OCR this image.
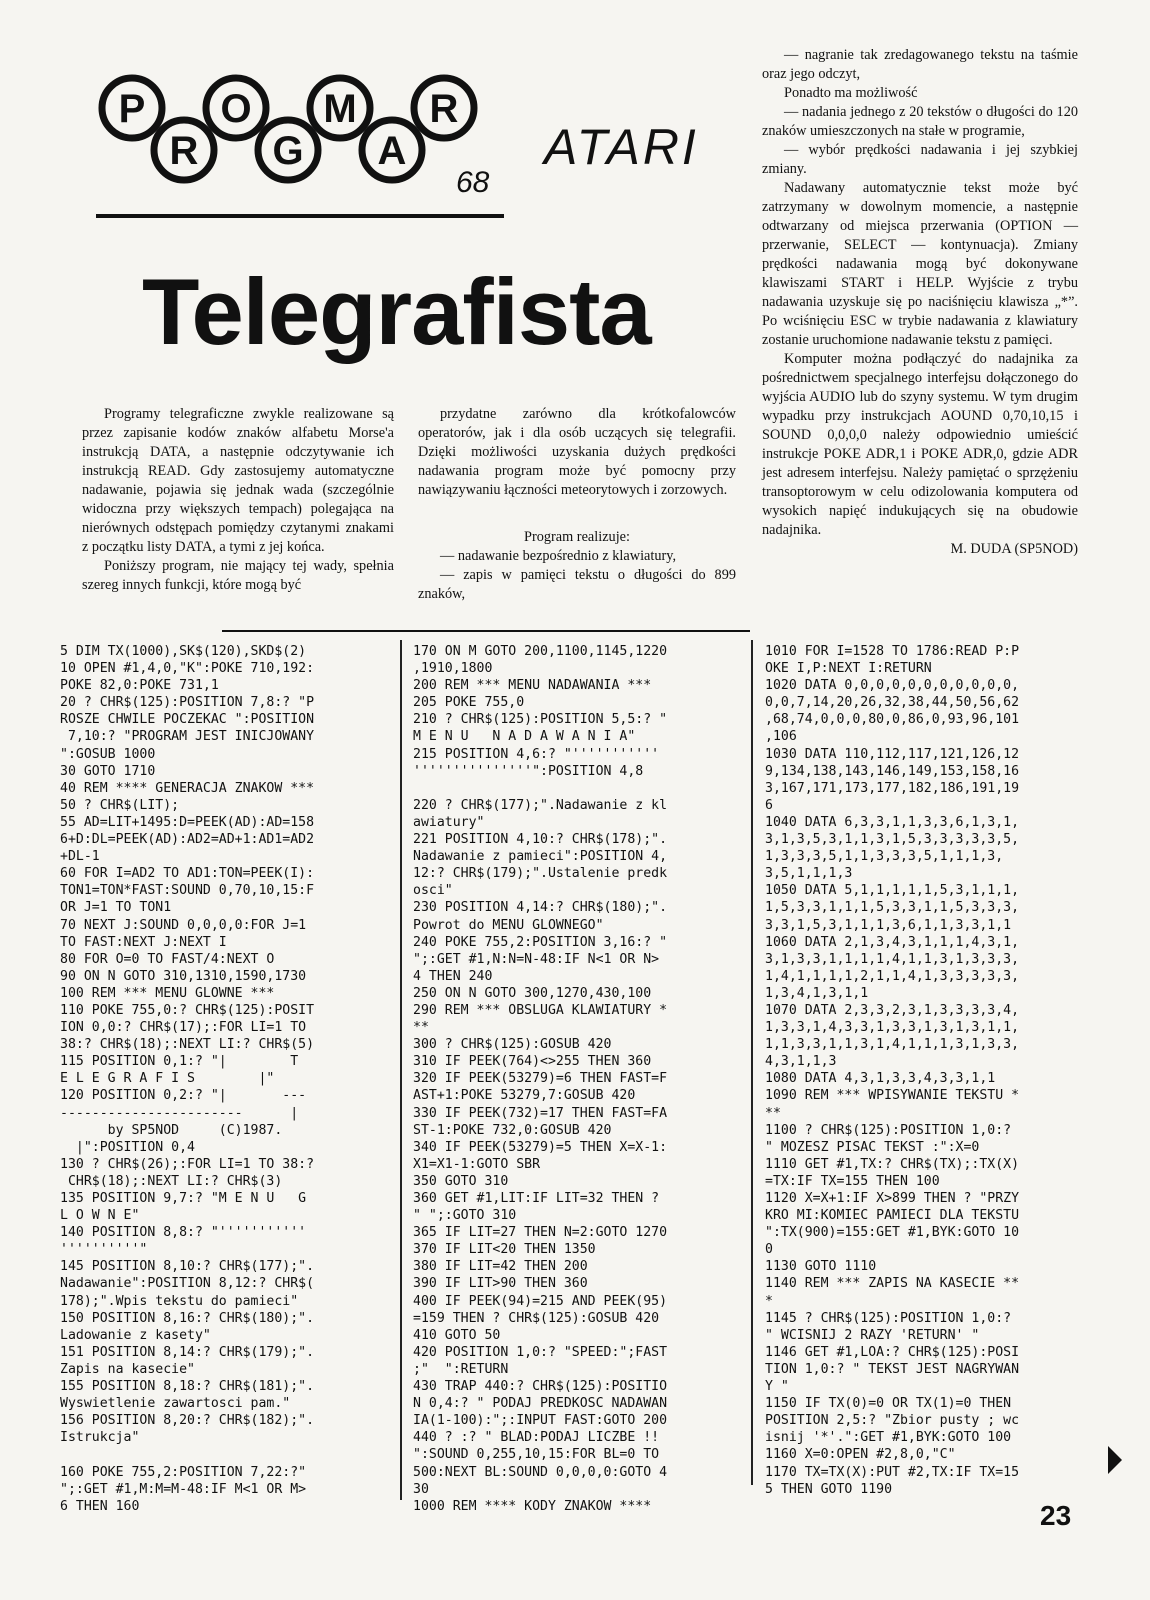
P O M R
R G A	ATARI
68
Telegrafista

Programy telegraficzne zwykle realizowane są przez zapisanie kodów znaków alfabetu Morse'a instrukcją DATA, a następnie odczytywanie ich instrukcją READ. Gdy zastosujemy automatyczne nadawanie, pojawia się jednak wada (szczególnie widoczna przy większych tempach) polegająca na nierównych odstępach pomiędzy czytanymi znakami z początku listy DATA, a tymi z jej końca.

Poniższy program, nie mający tej wady, spełnia szereg innych funkcji, które mogą być

przydatne zarówno dla krótkofalowców operatorów, jak i dla osób uczących się telegrafii. Dzięki możliwości uzyskania dużych prędkości nadawania program może być pomocny przy nawiązywaniu łączności meteorytowych i zorzowych.

Program realizuje:

— nadawanie bezpośrednio z klawiatury,

— zapis w pamięci tekstu o długości do 899 znaków,

— nagranie tak zredagowanego tekstu na taśmie oraz jego odczyt,

Ponadto ma możliwość

— nadania jednego z 20 tekstów o długości do 120 znaków umieszczonych na stałe w programie,

— wybór prędkości nadawania i jej szybkiej zmiany.

Nadawany automatycznie tekst może być zatrzymany w dowolnym momencie, a następnie odtwarzany od miejsca przerwania (OPTION — przerwanie, SELECT — kontynuacja). Zmiany prędkości nadawania mogą być dokonywane klawiszami START i HELP. Wyjście z trybu nadawania uzyskuje się po naciśnięciu klawisza „*”. Po wciśnięciu ESC w trybie nadawania z klawiatury zostanie uruchomione nadawanie tekstu z pamięci.

Komputer można podłączyć do nadajnika za pośrednictwem specjalnego interfejsu dołączonego do wyjścia AUDIO lub do szyny systemu. W tym drugim wypadku przy instrukcjach AOUND 0,70,10,15 i SOUND 0,0,0,0 należy odpowiednio umieścić instrukcje POKE ADR,1 i POKE ADR,0, gdzie ADR jest adresem interfejsu. Należy pamiętać o sprzężeniu transoptorowym w celu odizolowania komputera od wysokich napięć indukujących się na obudowie nadajnika.

M. DUDA (SP5NOD)

5 DIM TX(1000),SK$(120),SKD$(2)
10 OPEN #1,4,0,"K":POKE 710,192:
POKE 82,0:POKE 731,1
20 ? CHR$(125):POSITION 7,8:? "P
ROSZE CHWILE POCZEKAC ":POSITION
7,10:? "PROGRAM JEST INICJOWANY
":GOSUB 1000
30 GOTO 1710
40 REM **** GENERACJA ZNAKOW ***
50 ? CHR$(LIT);
55 AD=LIT+1495:D=PEEK(AD):AD=158
6+D:DL=PEEK(AD):AD2=AD+1:AD1=AD2
+DL-1
60 FOR I=AD2 TO AD1:TON=PEEK(I):
TON1=TON*FAST:SOUND 0,70,10,15:F
OR J=1 TO TON1
70 NEXT J:SOUND 0,0,0,0:FOR J=1
TO FAST:NEXT J:NEXT I
80 FOR O=0 TO FAST/4:NEXT O
90 ON N GOTO 310,1310,1590,1730
100 REM *** MENU GLOWNE ***
110 POKE 755,0:? CHR$(125):POSIT
ION 0,0:? CHR$(17);:FOR LI=1 TO
38:? CHR$(18);:NEXT LI:? CHR$(5)
115 POSITION 0,1:? "|        T
E L E G R A F I S        |"
120 POSITION 0,2:? "|       ---
-----------------------      |
by SP5NOD     (C)1987.
|":POSITION 0,4
130 ? CHR$(26);:FOR LI=1 TO 38:?
CHR$(18);:NEXT LI:? CHR$(3)
135 POSITION 9,7:? "M E N U   G
L O W N E"
140 POSITION 8,8:? "'''''''''''
''''''''''"
145 POSITION 8,10:? CHR$(177);".
Nadawanie":POSITION 8,12:? CHR$(
178);".Wpis tekstu do pamieci"
150 POSITION 8,16:? CHR$(180);".
Ladowanie z kasety"
151 POSITION 8,14:? CHR$(179);".
Zapis na kasecie"
155 POSITION 8,18:? CHR$(181);".
Wyswietlenie zawartosci pam."
156 POSITION 8,20:? CHR$(182);".
Istrukcja"

160 POKE 755,2:POSITION 7,22:?"
";:GET #1,M:M=M-48:IF M<1 OR M>
6 THEN 160
170 ON M GOTO 200,1100,1145,1220
,1910,1800
200 REM *** MENU NADAWANIA ***
205 POKE 755,0
210 ? CHR$(125):POSITION 5,5:? "
M E N U   N A D A W A N I A"
215 POSITION 4,6:? "'''''''''''
'''''''''''''''":POSITION 4,8

220 ? CHR$(177);".Nadawanie z kl
awiatury"
221 POSITION 4,10:? CHR$(178);".
Nadawanie z pamieci":POSITION 4,
12:? CHR$(179);".Ustalenie predk
osci"
230 POSITION 4,14:? CHR$(180);".
Powrot do MENU GLOWNEGO"
240 POKE 755,2:POSITION 3,16:? "
";:GET #1,N:N=N-48:IF N<1 OR N>
4 THEN 240
250 ON N GOTO 300,1270,430,100
290 REM *** OBSLUGA KLAWIATURY *
**
300 ? CHR$(125):GOSUB 420
310 IF PEEK(764)<>255 THEN 360
320 IF PEEK(53279)=6 THEN FAST=F
AST+1:POKE 53279,7:GOSUB 420
330 IF PEEK(732)=17 THEN FAST=FA
ST-1:POKE 732,0:GOSUB 420
340 IF PEEK(53279)=5 THEN X=X-1:
X1=X1-1:GOTO SBR
350 GOTO 310
360 GET #1,LIT:IF LIT=32 THEN ?
" ";:GOTO 310
365 IF LIT=27 THEN N=2:GOTO 1270
370 IF LIT<20 THEN 1350
380 IF LIT=42 THEN 200
390 IF LIT>90 THEN 360
400 IF PEEK(94)=215 AND PEEK(95)
=159 THEN ? CHR$(125):GOSUB 420
410 GOTO 50
420 POSITION 1,0:? "SPEED:";FAST
;"  ":RETURN
430 TRAP 440:? CHR$(125):POSITIO
N 0,4:? " PODAJ PREDKOSC NADAWAN
IA(1-100):";:INPUT FAST:GOTO 200
440 ? :? " BLAD:PODAJ LICZBE !!
":SOUND 0,255,10,15:FOR BL=0 TO
500:NEXT BL:SOUND 0,0,0,0:GOTO 4
30
1000 REM **** KODY ZNAKOW ****
1010 FOR I=1528 TO 1786:READ P:P
OKE I,P:NEXT I:RETURN
1020 DATA 0,0,0,0,0,0,0,0,0,0,0,
0,0,7,14,20,26,32,38,44,50,56,62
,68,74,0,0,0,80,0,86,0,93,96,101
,106
1030 DATA 110,112,117,121,126,12
9,134,138,143,146,149,153,158,16
3,167,171,173,177,182,186,191,19
6
1040 DATA 6,3,3,1,1,3,3,6,1,3,1,
3,1,3,5,3,1,1,3,1,5,3,3,3,3,3,5,
1,3,3,3,5,1,1,3,3,3,5,1,1,1,3,
3,5,1,1,1,3
1050 DATA 5,1,1,1,1,1,5,3,1,1,1,
1,5,3,3,1,1,1,5,3,3,1,1,5,3,3,3,
3,3,1,5,3,1,1,1,3,6,1,1,3,3,1,1
1060 DATA 2,1,3,4,3,1,1,1,4,3,1,
3,1,3,3,1,1,1,1,4,1,1,3,1,3,3,3,
1,4,1,1,1,1,2,1,1,4,1,3,3,3,3,3,
1,3,4,1,3,1,1
1070 DATA 2,3,3,2,3,1,3,3,3,3,4,
1,3,3,1,4,3,3,1,3,3,1,3,1,3,1,1,
1,1,3,3,1,1,3,1,4,1,1,1,3,1,3,3,
4,3,1,1,3
1080 DATA 4,3,1,3,3,4,3,3,1,1
1090 REM *** WPISYWANIE TEKSTU *
**
1100 ? CHR$(125):POSITION 1,0:?
" MOZESZ PISAC TEKST :":X=0
1110 GET #1,TX:? CHR$(TX);:TX(X)
=TX:IF TX=155 THEN 100
1120 X=X+1:IF X>899 THEN ? "PRZY
KRO MI:KOMIEC PAMIECI DLA TEKSTU
":TX(900)=155:GET #1,BYK:GOTO 10
0
1130 GOTO 1110
1140 REM *** ZAPIS NA KASECIE **
*
1145 ? CHR$(125):POSITION 1,0:?
" WCISNIJ 2 RAZY 'RETURN' "
1146 GET #1,LOA:? CHR$(125):POSI
TION 1,0:? " TEKST JEST NAGRYWAN
Y "
1150 IF TX(0)=0 OR TX(1)=0 THEN
POSITION 2,5:? "Zbior pusty ; wc
isnij '*'.":GET #1,BYK:GOTO 100
1160 X=0:OPEN #2,8,0,"C"
1170 TX=TX(X):PUT #2,TX:IF TX=15
5 THEN GOTO 1190
23
